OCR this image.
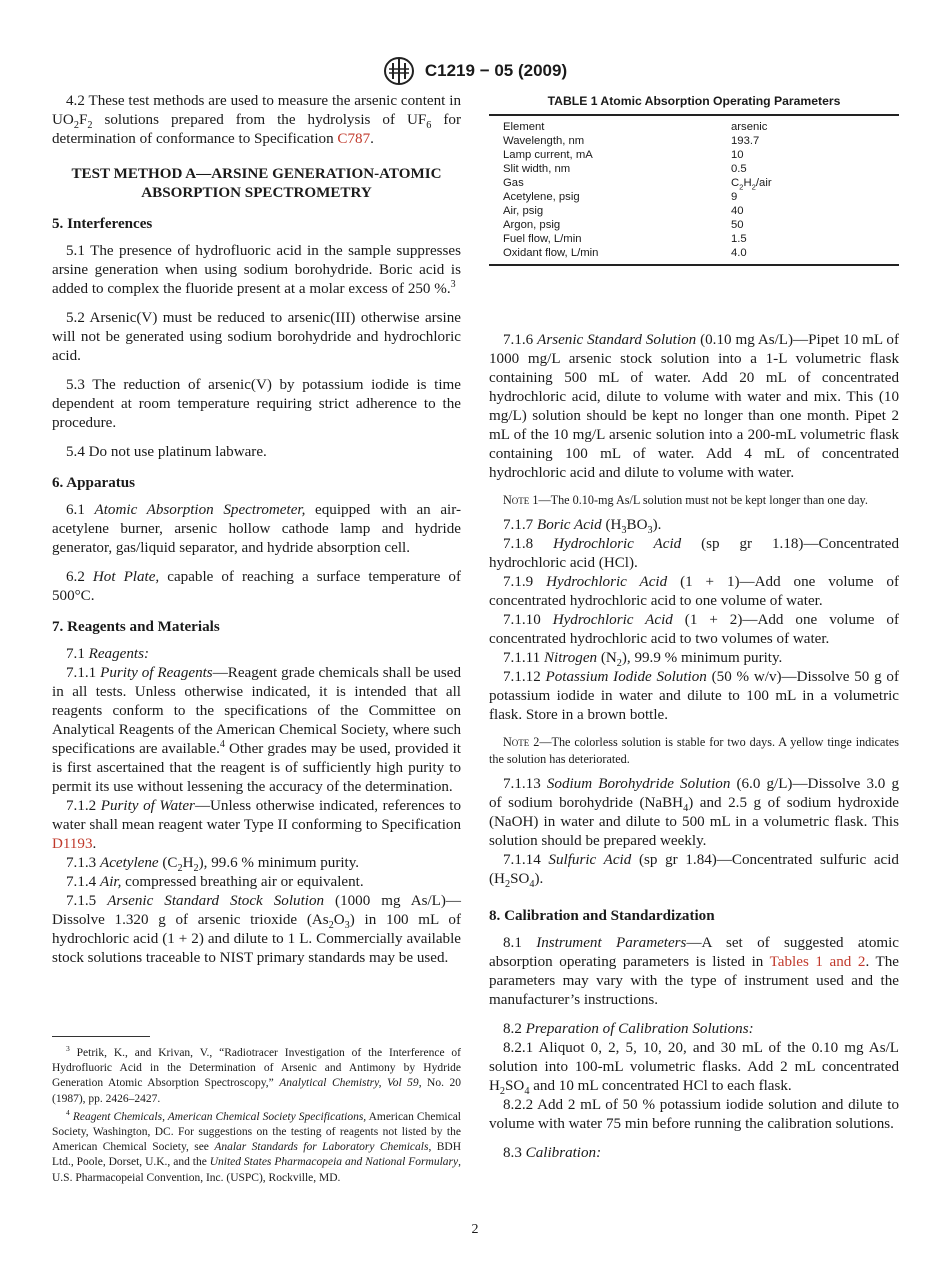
C1219 − 05 (2009)

4.2 These test methods are used to measure the arsenic content in $UO_2F_2$ solutions prepared from the hydrolysis of $UF_6$ for determination of conformance to Specification C787.

TEST METHOD A—ARSINE GENERATION-ATOMIC ABSORPTION SPECTROMETRY

5. Interferences

5.1 The presence of hydrofluoric acid in the sample suppresses arsine generation when using sodium borohydride. Boric acid is added to complex the fluoride present at a molar excess of 250 %.$^3$

5.2 Arsenic(V) must be reduced to arsenic(III) otherwise arsine will not be generated using sodium borohydride and hydrochloric acid.

5.3 The reduction of arsenic(V) by potassium iodide is time dependent at room temperature requiring strict adherence to the procedure.

5.4 Do not use platinum labware.

6. Apparatus

6.1 Atomic Absorption Spectrometer, equipped with an air-acetylene burner, arsenic hollow cathode lamp and hydride generator, gas/liquid separator, and hydride absorption cell.

6.2 Hot Plate, capable of reaching a surface temperature of 500°C.

7. Reagents and Materials

7.1 Reagents:

7.1.1 Purity of Reagents—Reagent grade chemicals shall be used in all tests. Unless otherwise indicated, it is intended that all reagents conform to the specifications of the Committee on Analytical Reagents of the American Chemical Society, where such specifications are available.$^4$ Other grades may be used, provided it is first ascertained that the reagent is of sufficiently high purity to permit its use without lessening the accuracy of the determination.

7.1.2 Purity of Water—Unless otherwise indicated, references to water shall mean reagent water Type II conforming to Specification D1193.

7.1.3 Acetylene $(C_2H_2)$, 99.6 % minimum purity.

7.1.4 Air, compressed breathing air or equivalent.

7.1.5 Arsenic Standard Stock Solution (1000 mg As/L)—Dissolve 1.320 g of arsenic trioxide $(As_2O_3)$ in 100 mL of hydrochloric acid (1 + 2) and dilute to 1 L. Commercially available stock solutions traceable to NIST primary standards may be used.

$^3$ Petrik, K., and Krivan, V., “Radiotracer Investigation of the Interference of Hydrofluoric Acid in the Determination of Arsenic and Antimony by Hydride Generation Atomic Absorption Spectroscopy,” Analytical Chemistry, Vol 59, No. 20 (1987), pp. 2426–2427.

$^4$ Reagent Chemicals, American Chemical Society Specifications, American Chemical Society, Washington, DC. For suggestions on the testing of reagents not listed by the American Chemical Society, see Analar Standards for Laboratory Chemicals, BDH Ltd., Poole, Dorset, U.K., and the United States Pharmacopeia and National Formulary, U.S. Pharmacopeial Convention, Inc. (USPC), Rockville, MD.

TABLE 1 Atomic Absorption Operating Parameters
Element	arsenic
Wavelength, nm	193.7
Lamp current, mA	10
Slit width, nm	0.5
Gas	$C_2H_2$/air
Acetylene, psig	9
Air, psig	40
Argon, psig	50
Fuel flow, L/min	1.5
Oxidant flow, L/min	4.0

7.1.6 Arsenic Standard Solution (0.10 mg As/L)—Pipet 10 mL of 1000 mg/L arsenic stock solution into a 1-L volumetric flask containing 500 mL of water. Add 20 mL of concentrated hydrochloric acid, dilute to volume with water and mix. This (10 mg/L) solution should be kept no longer than one month. Pipet 2 mL of the 10 mg/L arsenic solution into a 200-mL volumetric flask containing 100 mL of water. Add 4 mL of concentrated hydrochloric acid and dilute to volume with water.

Note 1—The 0.10-mg As/L solution must not be kept longer than one day.

7.1.7 Boric Acid $(H_3BO_3)$.

7.1.8 Hydrochloric Acid (sp gr 1.18)—Concentrated hydrochloric acid (HCl).

7.1.9 Hydrochloric Acid (1 + 1)—Add one volume of concentrated hydrochloric acid to one volume of water.

7.1.10 Hydrochloric Acid (1 + 2)—Add one volume of concentrated hydrochloric acid to two volumes of water.

7.1.11 Nitrogen $(N_2)$, 99.9 % minimum purity.

7.1.12 Potassium Iodide Solution (50 % w/v)—Dissolve 50 g of potassium iodide in water and dilute to 100 mL in a volumetric flask. Store in a brown bottle.

Note 2—The colorless solution is stable for two days. A yellow tinge indicates the solution has deteriorated.

7.1.13 Sodium Borohydride Solution (6.0 g/L)—Dissolve 3.0 g of sodium borohydride (NaBH$_4$) and 2.5 g of sodium hydroxide (NaOH) in water and dilute to 500 mL in a volumetric flask. This solution should be prepared weekly.

7.1.14 Sulfuric Acid (sp gr 1.84)—Concentrated sulfuric acid $(H_2SO_4)$.

8. Calibration and Standardization

8.1 Instrument Parameters—A set of suggested atomic absorption operating parameters is listed in Tables 1 and 2. The parameters may vary with the type of instrument used and the manufacturer’s instructions.

8.2 Preparation of Calibration Solutions:

8.2.1 Aliquot 0, 2, 5, 10, 20, and 30 mL of the 0.10 mg As/L solution into 100-mL volumetric flasks. Add 2 mL concentrated $H_2SO_4$ and 10 mL concentrated HCl to each flask.

8.2.2 Add 2 mL of 50 % potassium iodide solution and dilute to volume with water 75 min before running the calibration solutions.

8.3 Calibration:

2
